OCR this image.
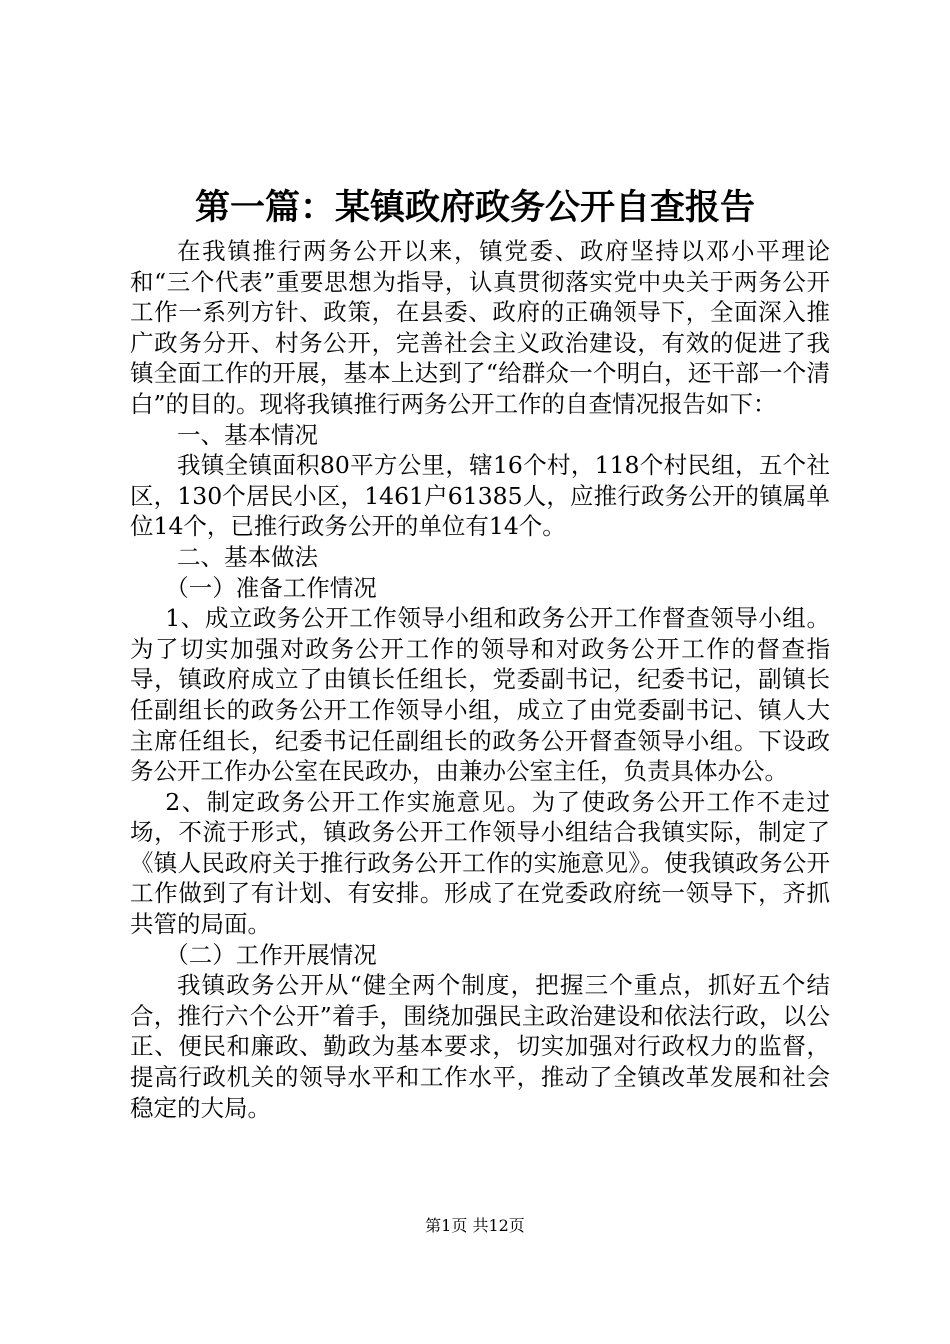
第一篇：某镇政府政务公开自查报告

在我镇推行两务公开以来，镇党委、政府坚持以邓小平理论和“三个代表”重要思想为指导，认真贯彻落实党中央关于两务公开工作一系列方针、政策，在县委、政府的正确领导下，全面深入推广政务分开、村务公开，完善社会主义政治建设，有效的促进了我镇全面工作的开展，基本上达到了“给群众一个明白，还干部一个清白”的目的。现将我镇推行两务公开工作的自查情况报告如下：

一、基本情况

我镇全镇面积80平方公里，辖16个村，118个村民组，五个社区，130个居民小区，1461户61385人，应推行政务公开的镇属单位14个，已推行政务公开的单位有14个。

二、基本做法

（一）准备工作情况

1、成立政务公开工作领导小组和政务公开工作督查领导小组。为了切实加强对政务公开工作的领导和对政务公开工作的督查指导，镇政府成立了由镇长任组长，党委副书记，纪委书记，副镇长任副组长的政务公开工作领导小组，成立了由党委副书记、镇人大主席任组长，纪委书记任副组长的政务公开督查领导小组。下设政务公开工作办公室在民政办，由兼办公室主任，负责具体办公。

2、制定政务公开工作实施意见。为了使政务公开工作不走过场，不流于形式，镇政务公开工作领导小组结合我镇实际，制定了《镇人民政府关于推行政务公开工作的实施意见》。使我镇政务公开工作做到了有计划、有安排。形成了在党委政府统一领导下，齐抓共管的局面。

（二）工作开展情况

我镇政务公开从“健全两个制度，把握三个重点，抓好五个结合，推行六个公开”着手，围绕加强民主政治建设和依法行政，以公正、便民和廉政、勤政为基本要求，切实加强对行政权力的监督，提高行政机关的领导水平和工作水平，推动了全镇改革发展和社会稳定的大局。

第1页 共12页
